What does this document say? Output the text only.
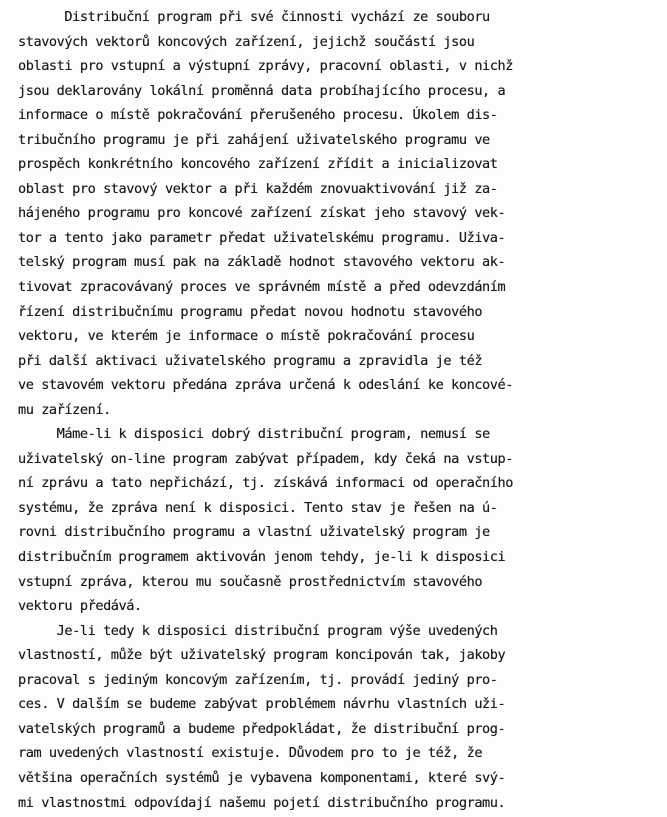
Distribuční program při své činnosti vychází ze souboru
stavových vektorů koncových zařízení, jejichž součástí jsou
oblasti pro vstupní a výstupní zprávy, pracovní oblasti, v nichž
jsou deklarovány lokální proměnná data probíhajícího procesu, a
informace o místě pokračování přerušeného procesu. Úkolem dis-
tribučního programu je při zahájení uživatelského programu ve
prospěch konkrétního koncového zařízení zřídit a inicializovat
oblast pro stavový vektor a při každém znovuaktivování již za-
hájeného programu pro koncové zařízení získat jeho stavový vek-
tor a tento jako parametr předat uživatelskému programu. Uživa-
telský program musí pak na základě hodnot stavového vektoru ak-
tivovat zpracovávaný proces ve správném místě a před odevzdáním
řízení distribučnímu programu předat novou hodnotu stavového
vektoru, ve kterém je informace o místě pokračování procesu
při další aktivaci uživatelského programu a zpravidla je též
ve stavovém vektoru předána zpráva určená k odeslání ke koncové-
mu zařízení.
Máme-li k disposici dobrý distribuční program, nemusí se
uživatelský on-line program zabývat případem, kdy čeká na vstup-
ní zprávu a tato nepřichází, tj. získává informaci od operačního
systému, že zpráva není k disposici. Tento stav je řešen na ú-
rovni distribučního programu a vlastní uživatelský program je
distribučním programem aktivován jenom tehdy, je-li k disposici
vstupní zpráva, kterou mu současně prostřednictvím stavového
vektoru předává.
Je-li tedy k disposici distribuční program výše uvedených
vlastností, může být uživatelský program koncipován tak, jakoby
pracoval s jediným koncovým zařízením, tj. provádí jediný pro-
ces. V dalším se budeme zabývat problémem návrhu vlastních uži-
vatelských programů a budeme předpokládat, že distribuční prog-
ram uvedených vlastností existuje. Důvodem pro to je též, že
většina operačních systémů je vybavena komponentami, které svý-
mi vlastnostmi odpovídají našemu pojetí distribučního programu.
